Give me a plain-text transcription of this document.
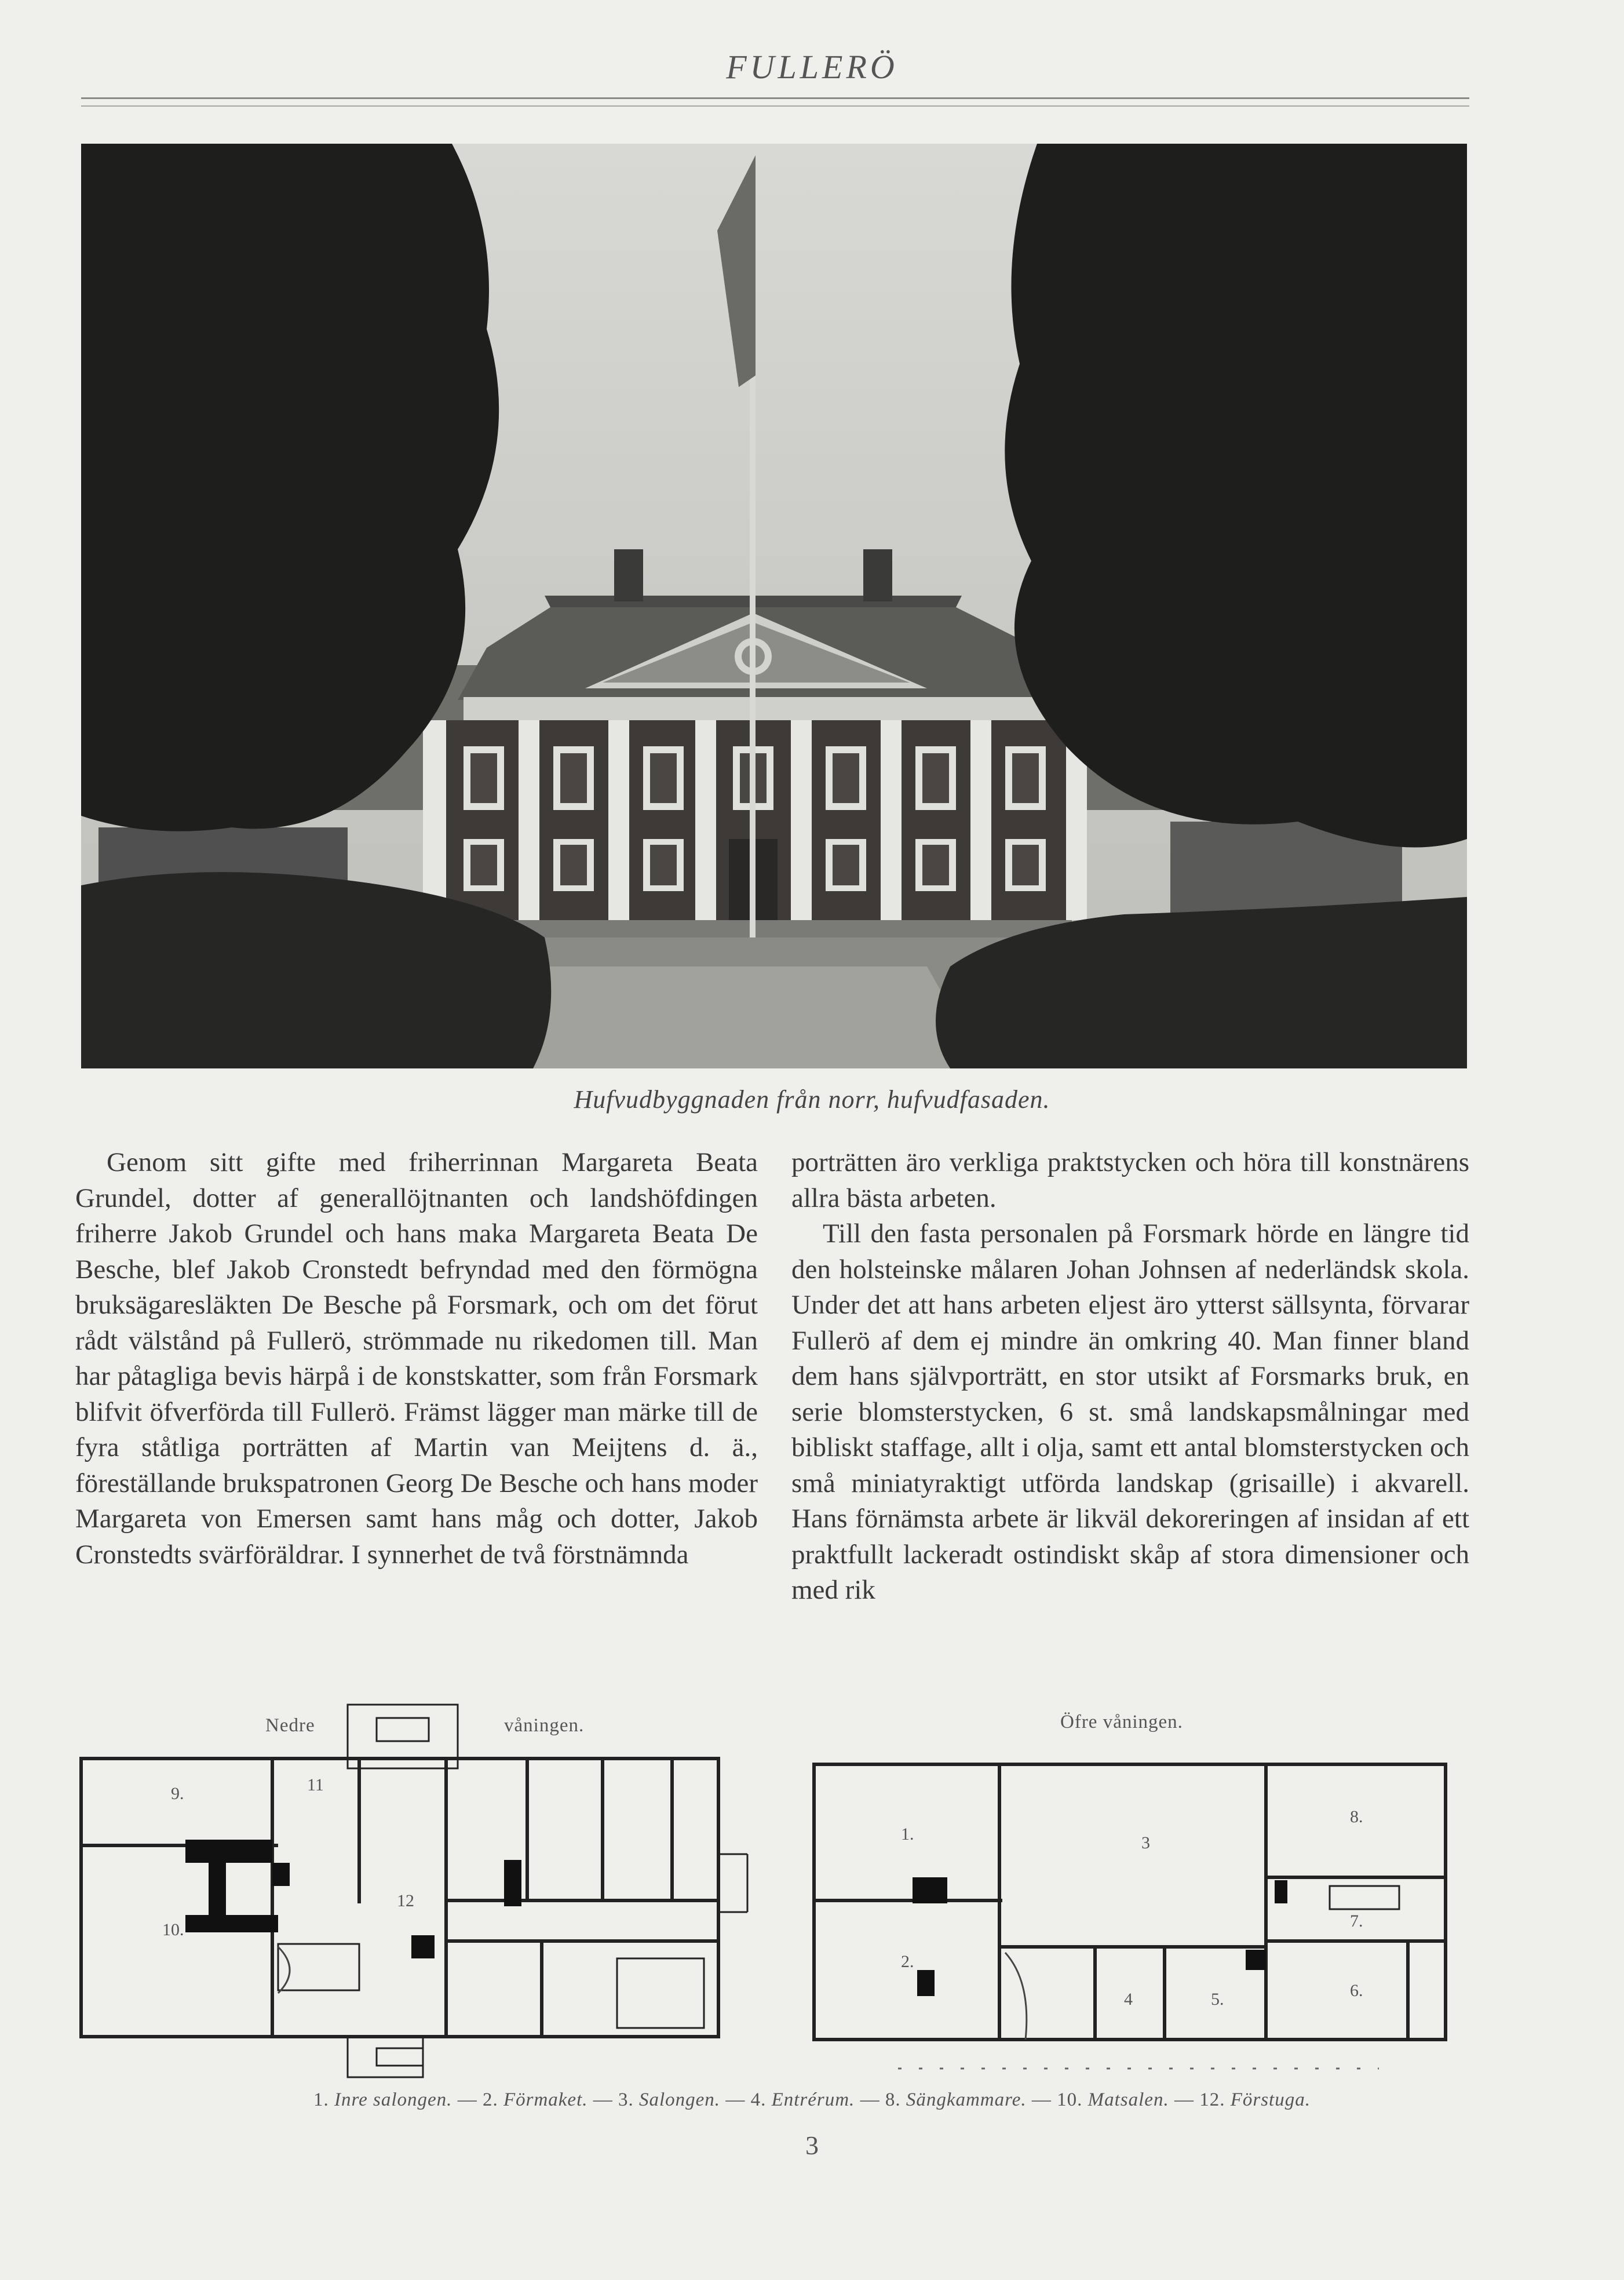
FULLERÖ
Hufvudbyggnaden från norr, hufvudfasaden.

Genom sitt gifte med friherrinnan Margareta Beata Grundel, dotter af generallöjtnanten och landshöfdingen friherre Jakob Grundel och hans maka Margareta Beata De Besche, blef Jakob Cronstedt befryndad med den förmögna bruksägaresläkten De Besche på Forsmark, och om det förut rådt välstånd på Fullerö, strömmade nu rikedomen till. Man har påtagliga bevis härpå i de konstskatter, som från Forsmark blifvit öfverförda till Fullerö. Främst lägger man märke till de fyra ståtliga porträtten af Martin van Meijtens d. ä., föreställande brukspatronen Georg De Besche och hans moder Margareta von Emersen samt hans måg och dotter, Jakob Cronstedts svärföräldrar. I synnerhet de två förstnämnda

porträtten äro verkliga praktstycken och höra till konstnärens allra bästa arbeten.

Till den fasta personalen på Forsmark hörde en längre tid den holsteinske målaren Johan Johnsen af nederländsk skola. Under det att hans arbeten eljest äro ytterst sällsynta, förvarar Fullerö af dem ej mindre än omkring 40. Man finner bland dem hans självporträtt, en stor utsikt af Forsmarks bruk, en serie blomsterstycken, 6 st. små landskapsmålningar med bibliskt staffage, allt i olja, samt ett antal blomsterstycken och små miniatyraktigt utförda landskap (grisaille) i akvarell. Hans förnämsta arbete är likväl dekoreringen af insidan af ett praktfullt lackeradt ostindiskt skåp af stora dimensioner och med rik

Nedre	våningen.	Öfre våningen.
9.	11
10.
12
1.	3
8.
7.
2.
4	5.	6.
1. Inre salongen. — 2. Förmaket. — 3. Salongen. — 4. Entrérum. — 8. Sängkammare. — 10. Matsalen. — 12. Förstuga.
3
